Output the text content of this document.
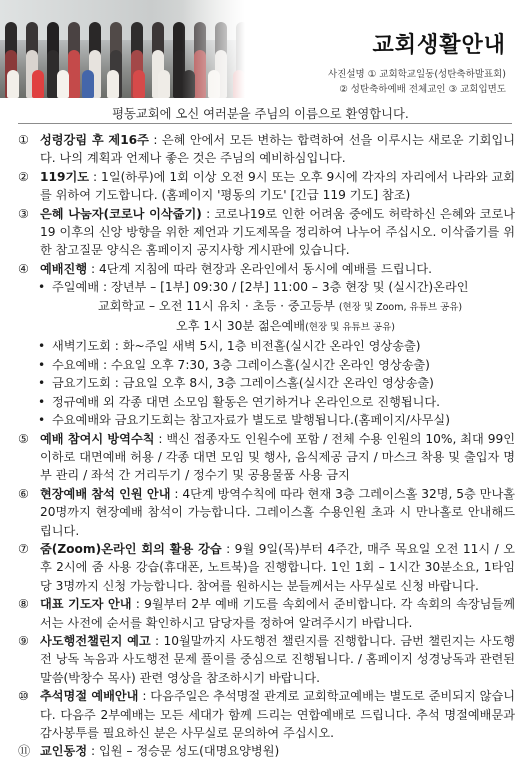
교회생활안내
사진설명 ① 교회학교일동(성탄축하발표회)
② 성탄축하예배 전체교인 ③ 교회입면도
평동교회에 오신 여러분을 주님의 이름으로 환영합니다.
① 성령강림 후 제16주 : 은혜 안에서 모든 변하는 합력하여 선을 이루시는 새로운 기회입니다. 나의 계획과 언제나 좋은 것은 주님의 예비하심입니다.
② 119기도 : 1일(하루)에 1회 이상 오전 9시 또는 오후 9시에 각자의 자리에서 나라와 교회를 위하여 기도합니다. (홈페이지 '평동의 기도' [긴급 119 기도] 참조)
③ 은혜 나눔자(코로나 이삭줍기) : 코로나19로 인한 어려움 중에도 허락하신 은혜와 코로나19 이후의 신앙 방향을 위한 제언과 기도제목을 정리하여 나누어 주십시오. 이삭줍기를 위한 참고질문 양식은 홈페이지 공지사항 게시판에 있습니다.
④ 예배진행 : 4단계 지침에 따라 현장과 온라인에서 동시에 예배를 드립니다.
• 주일예배 : 장년부 – [1부] 09:30 / [2부] 11:00 – 3층 현장 및 (실시간)온라인
교회학교 – 오전 11시 유치 · 초등 · 중고등부 (현장 및 Zoom, 유튜브 공유)
오후 1시 30분 젊은예배(현장 및 유튜브 공유)
• 새벽기도회 : 화~주일 새벽 5시, 1층 비전홀(실시간 온라인 영상송출)
• 수요예배 : 수요일 오후 7:30, 3층 그레이스홀(실시간 온라인 영상송출)
• 금요기도회 : 금요일 오후 8시, 3층 그레이스홀(실시간 온라인 영상송출)
• 정규예배 외 각종 대면 소모임 활동은 연기하거나 온라인으로 진행됩니다.
• 수요예배와 금요기도회는 참고자료가 별도로 발행됩니다.(홈페이지/사무실)
⑤ 예배 참여시 방역수칙 : 백신 접종자도 인원수에 포함 / 전체 수용 인원의 10%, 최대 99인 이하로 대면예배 허용 / 각종 대면 모임 및 행사, 음식제공 금지 / 마스크 착용 및 출입자 명부 관리 / 좌석 간 거리두기 / 정수기 및 공용물품 사용 금지
⑥ 현장예배 참석 인원 안내 : 4단계 방역수칙에 따라 현재 3층 그레이스홀 32명, 5층 만나홀 20명까지 현장예배 참석이 가능합니다. 그레이스홀 수용인원 초과 시 만나홀로 안내해드립니다.
⑦ 줌(Zoom)온라인 회의 활용 강습 : 9월 9일(목)부터 4주간, 매주 목요일 오전 11시 / 오후 2시에 줌 사용 강습(휴대폰, 노트북)을 진행합니다. 1인 1회 – 1시간 30분소요, 1타임 당 3명까지 신청 가능합니다. 참여를 원하시는 분들께서는 사무실로 신청 바랍니다.
⑧ 대표 기도자 안내 : 9월부터 2부 예배 기도를 속회에서 준비합니다. 각 속회의 속장님들께서는 사전에 순서를 확인하시고 담당자를 정하여 알려주시기 바랍니다.
⑨ 사도행전챌린지 예고 : 10월말까지 사도행전 챌린지를 진행합니다. 금번 챌린지는 사도행전 낭독 녹음과 사도행전 문제 풀이를 중심으로 진행됩니다. / 홈페이지 성경낭독과 관련된 말씀(박창수 목사) 관련 영상을 참조하시기 바랍니다.
⑩ 추석명절 예배안내 : 다음주일은 추석명절 관계로 교회학교예배는 별도로 준비되지 않습니다. 다음주 2부예배는 모든 세대가 함께 드리는 연합예배로 드립니다. 추석 명절예배문과 감사봉투를 필요하신 분은 사무실로 문의하여 주십시오.
⑪ 교인동정 : 입원 – 정승문 성도(대명요양병원)
